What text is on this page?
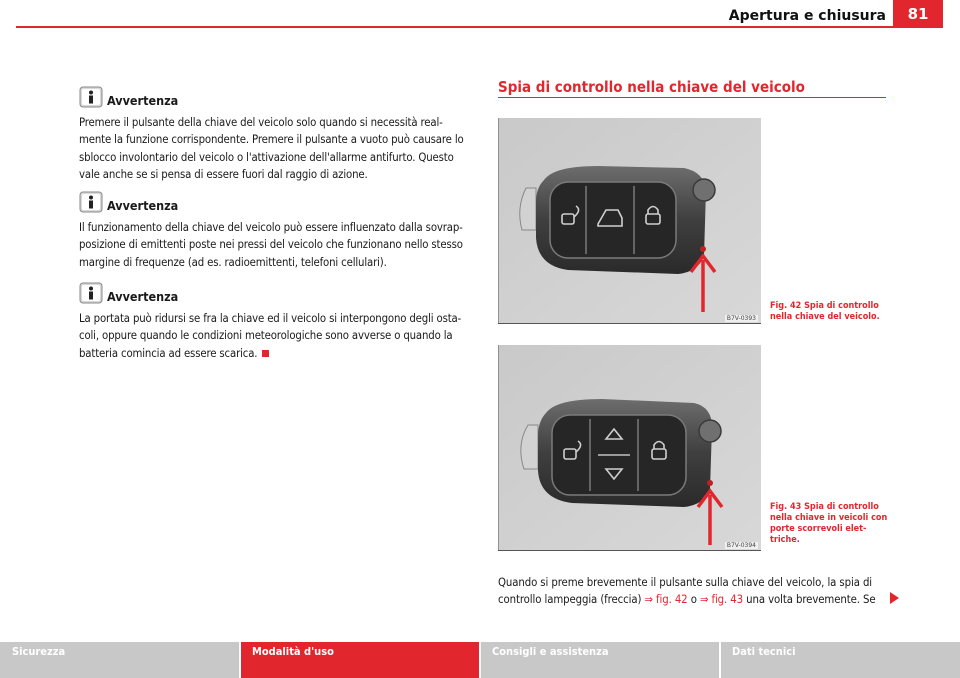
Apertura e chiusura	81
Avvertenza
Premere il pulsante della chiave del veicolo solo quando si necessità real-mente la funzione corrispondente. Premere il pulsante a vuoto può causare lo sblocco involontario del veicolo o l'attivazione dell'allarme antifurto. Questo vale anche se si pensa di essere fuori dal raggio di azione.
Avvertenza
Il funzionamento della chiave del veicolo può essere influenzato dalla sovrap-posizione di emittenti poste nei pressi del veicolo che funzionano nello stesso margine di frequenze (ad es. radioemittenti, telefoni cellulari).
Avvertenza
La portata può ridursi se fra la chiave ed il veicolo si interpongono degli osta-coli, oppure quando le condizioni meteorologiche sono avverse o quando la batteria comincia ad essere scarica.
Spia di controllo nella chiave del veicolo
B7V-0393
Fig. 42 Spia di controllo nella chiave del veicolo.
B7V-0394
Fig. 43 Spia di controllo nella chiave in veicoli con porte scorrevoli elet-triche.
Quando si preme brevemente il pulsante sulla chiave del veicolo, la spia di controllo lampeggia (freccia) ⇒ fig. 42 o ⇒ fig. 43 una volta brevemente. Se
Sicurezza	Modalità d'uso	Consigli e assistenza	Dati tecnici
